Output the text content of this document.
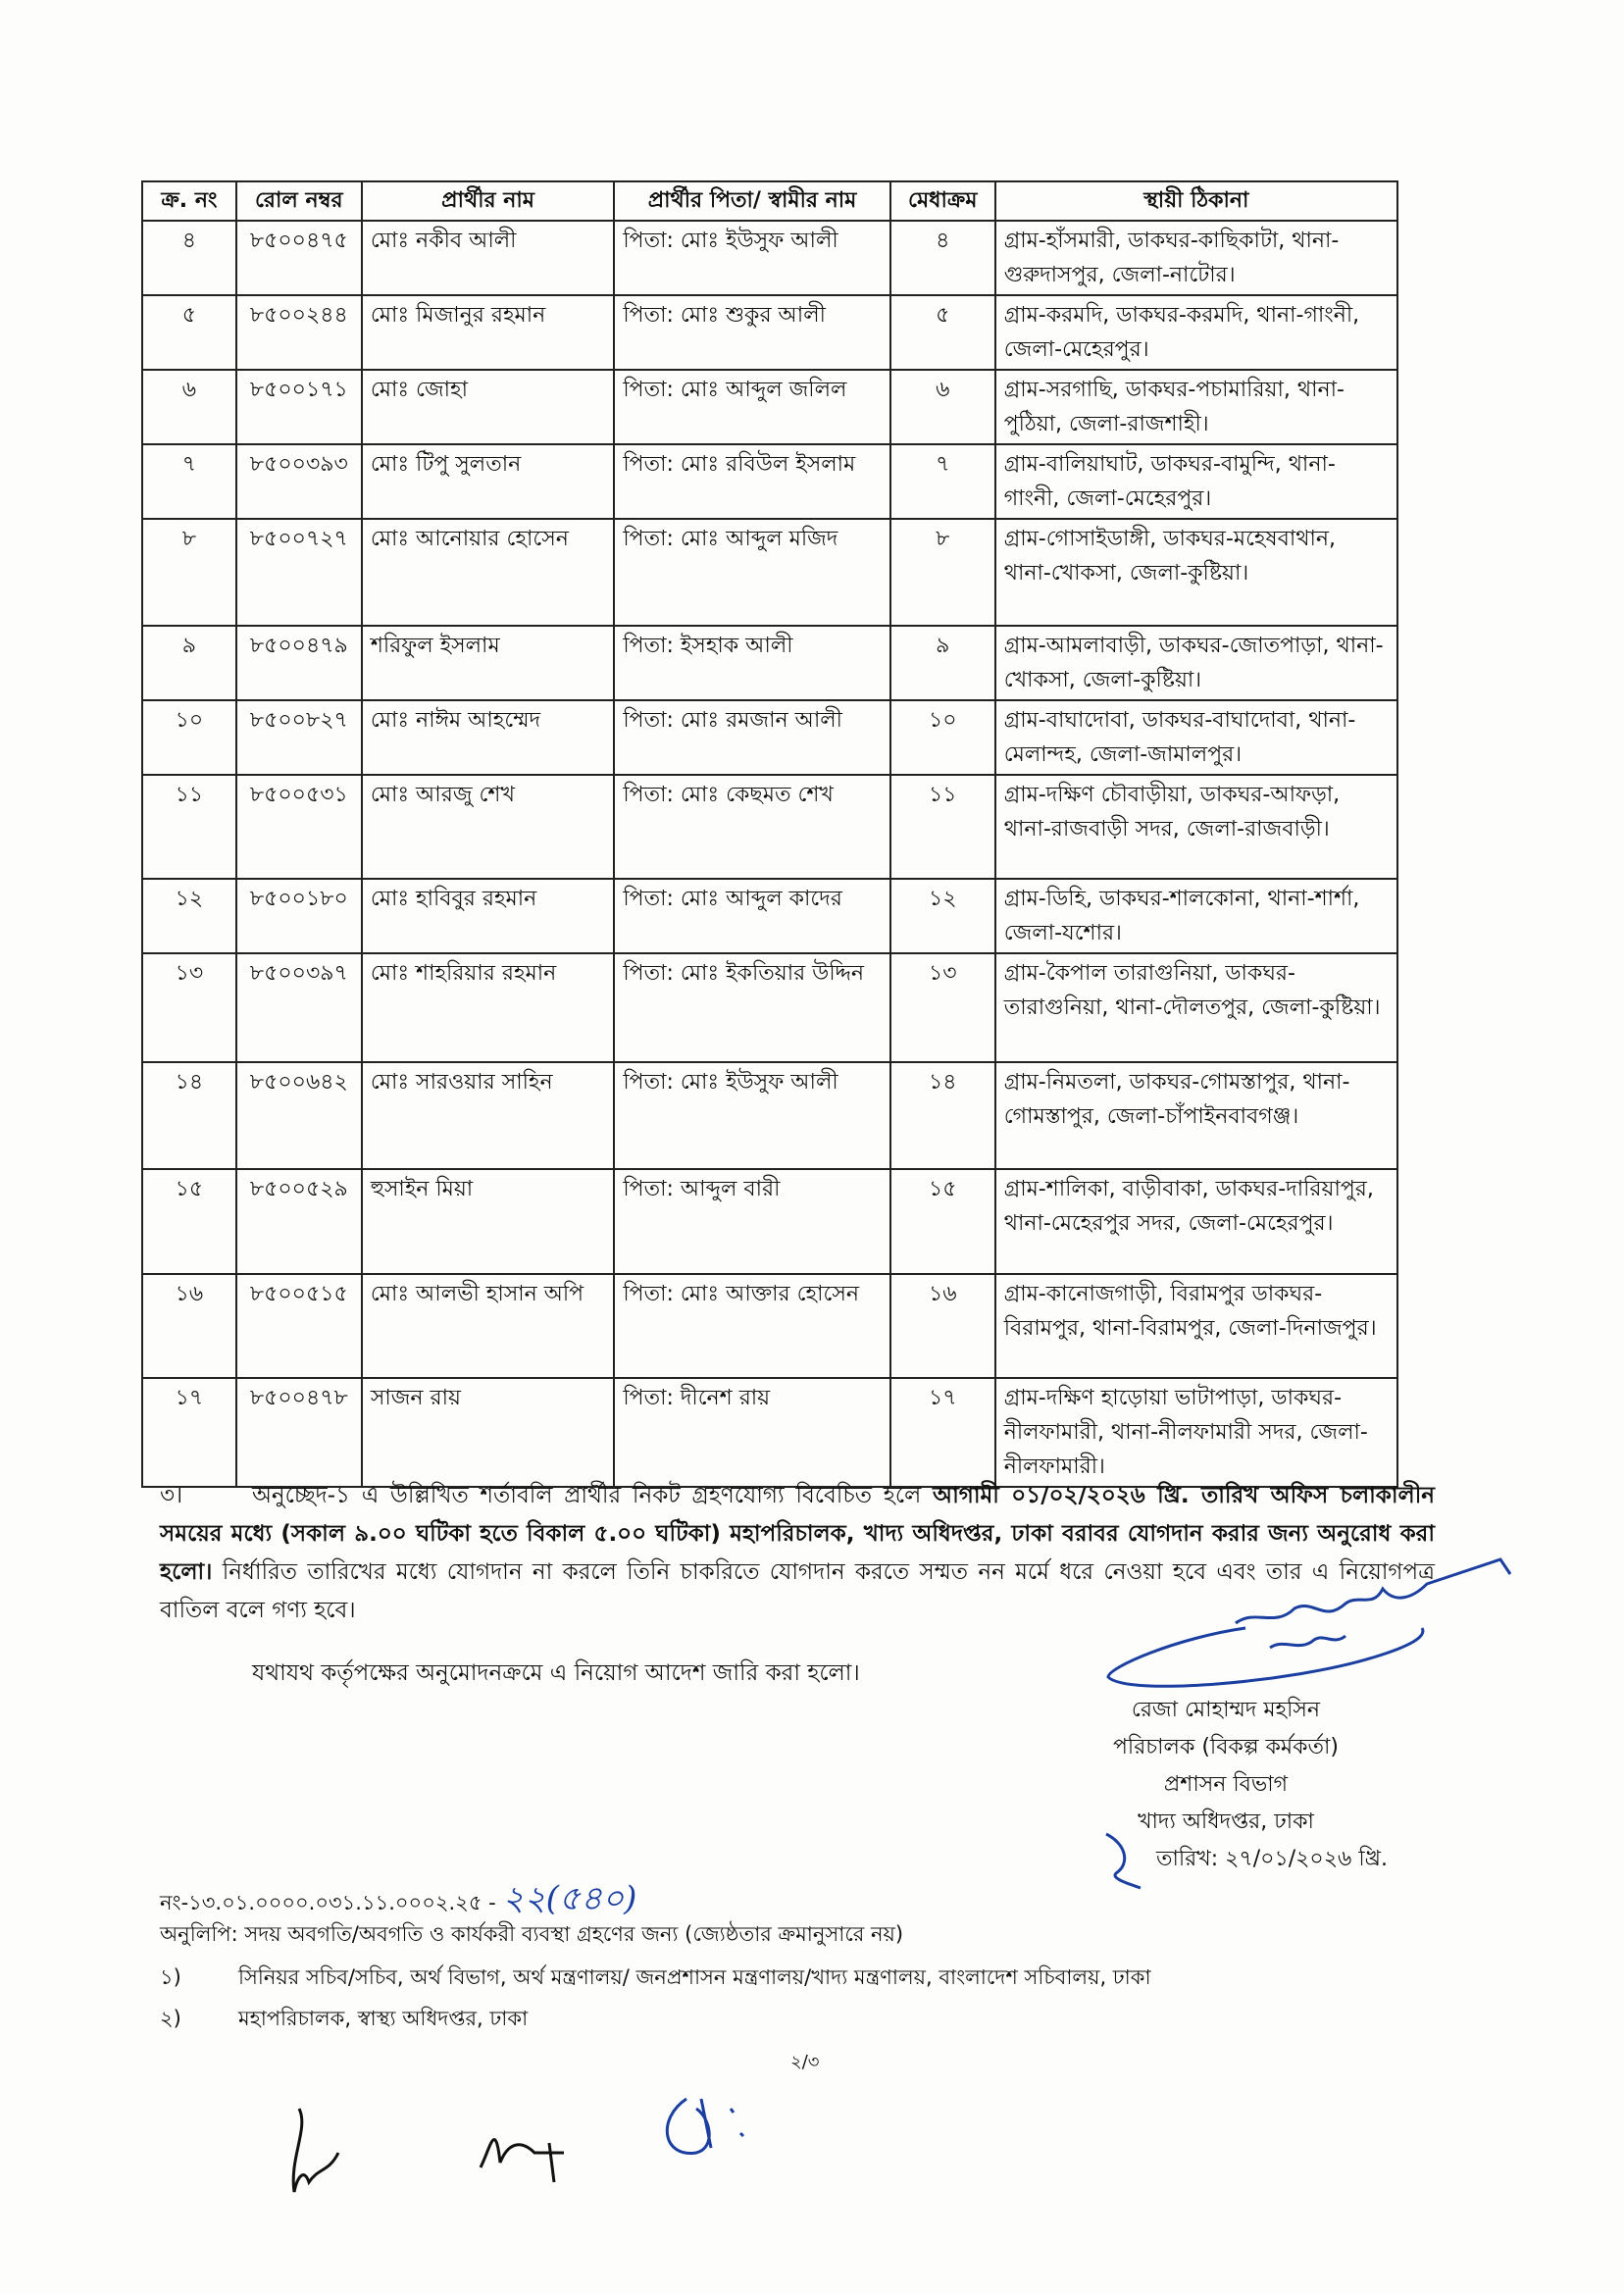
ক্র. নং	রোল নম্বর	প্রার্থীর নাম	প্রার্থীর পিতা/ স্বামীর নাম	মেধাক্রম	স্থায়ী ঠিকানা
৪	৮৫০০৪৭৫	মোঃ নকীব আলী	পিতা: মোঃ ইউসুফ আলী	৪	গ্রাম-হাঁসমারী, ডাকঘর-কাছিকাটা, থানা-গুরুদাসপুর, জেলা-নাটোর।
৫	৮৫০০২৪৪	মোঃ মিজানুর রহমান	পিতা: মোঃ শুকুর আলী	৫	গ্রাম-করমদি, ডাকঘর-করমদি, থানা-গাংনী, জেলা-মেহেরপুর।
৬	৮৫০০১৭১	মোঃ জোহা	পিতা: মোঃ আব্দুল জলিল	৬	গ্রাম-সরগাছি, ডাকঘর-পচামারিয়া, থানা-পুঠিয়া, জেলা-রাজশাহী।
৭	৮৫০০৩৯৩	মোঃ টিপু সুলতান	পিতা: মোঃ রবিউল ইসলাম	৭	গ্রাম-বালিয়াঘাট, ডাকঘর-বামুন্দি, থানা-গাংনী, জেলা-মেহেরপুর।
৮	৮৫০০৭২৭	মোঃ আনোয়ার হোসেন	পিতা: মোঃ আব্দুল মজিদ	৮	গ্রাম-গোসাইডাঙ্গী, ডাকঘর-মহেষবাথান, থানা-খোকসা, জেলা-কুষ্টিয়া।
৯	৮৫০০৪৭৯	শরিফুল ইসলাম	পিতা: ইসহাক আলী	৯	গ্রাম-আমলাবাড়ী, ডাকঘর-জোতপাড়া, থানা-খোকসা, জেলা-কুষ্টিয়া।
১০	৮৫০০৮২৭	মোঃ নাঈম আহম্মেদ	পিতা: মোঃ রমজান আলী	১০	গ্রাম-বাঘাদোবা, ডাকঘর-বাঘাদোবা, থানা-মেলান্দহ, জেলা-জামালপুর।
১১	৮৫০০৫৩১	মোঃ আরজু শেখ	পিতা: মোঃ কেছমত শেখ	১১	গ্রাম-দক্ষিণ চৌবাড়ীয়া, ডাকঘর-আফড়া, থানা-রাজবাড়ী সদর, জেলা-রাজবাড়ী।
১২	৮৫০০১৮০	মোঃ হাবিবুর রহমান	পিতা: মোঃ আব্দুল কাদের	১২	গ্রাম-ডিহি, ডাকঘর-শালকোনা, থানা-শার্শা, জেলা-যশোর।
১৩	৮৫০০৩৯৭	মোঃ শাহরিয়ার রহমান	পিতা: মোঃ ইকতিয়ার উদ্দিন	১৩	গ্রাম-কৈপাল তারাগুনিয়া, ডাকঘর-তারাগুনিয়া, থানা-দৌলতপুর, জেলা-কুষ্টিয়া।
১৪	৮৫০০৬৪২	মোঃ সারওয়ার সাহিন	পিতা: মোঃ ইউসুফ আলী	১৪	গ্রাম-নিমতলা, ডাকঘর-গোমস্তাপুর, থানা-গোমস্তাপুর, জেলা-চাঁপাইনবাবগঞ্জ।
১৫	৮৫০০৫২৯	হুসাইন মিয়া	পিতা: আব্দুল বারী	১৫	গ্রাম-শালিকা, বাড়ীবাকা, ডাকঘর-দারিয়াপুর, থানা-মেহেরপুর সদর, জেলা-মেহেরপুর।
১৬	৮৫০০৫১৫	মোঃ আলভী হাসান অপি	পিতা: মোঃ আক্তার হোসেন	১৬	গ্রাম-কানোজগাড়ী, বিরামপুর ডাকঘর-বিরামপুর, থানা-বিরামপুর, জেলা-দিনাজপুর।
১৭	৮৫০০৪৭৮	সাজন রায়	পিতা: দীনেশ রায়	১৭	গ্রাম-দক্ষিণ হাড়োয়া ভাটাপাড়া, ডাকঘর-নীলফামারী, থানা-নীলফামারী সদর, জেলা-নীলফামারী।
৩।	অনুচ্ছেদ-১ এ উল্লিখিত শর্তাবলি প্রার্থীর নিকট গ্রহণযোগ্য বিবেচিত হলে আগামী ০১/০২/২০২৬ খ্রি. তারিখ অফিস চলাকালীন সময়ের মধ্যে (সকাল ৯.০০ ঘটিকা হতে বিকাল ৫.০০ ঘটিকা) মহাপরিচালক, খাদ্য অধিদপ্তর, ঢাকা বরাবর যোগদান করার জন্য অনুরোধ করা হলো। নির্ধারিত তারিখের মধ্যে যোগদান না করলে তিনি চাকরিতে যোগদান করতে সম্মত নন মর্মে ধরে নেওয়া হবে এবং তার এ নিয়োগপত্র বাতিল বলে গণ্য হবে।
যথাযথ কর্তৃপক্ষের অনুমোদনক্রমে এ নিয়োগ আদেশ জারি করা হলো।
রেজা মোহাম্মদ মহসিন
পরিচালক (বিকল্প কর্মকর্তা)
প্রশাসন বিভাগ
খাদ্য অধিদপ্তর, ঢাকা
তারিখ: ২৭/০১/২০২৬ খ্রি.
নং-১৩.০১.০০০০.০৩১.১১.০০০২.২৫ - ২২(৫৪০)
অনুলিপি: সদয় অবগতি/অবগতি ও কার্যকরী ব্যবস্থা গ্রহণের জন্য (জ্যেষ্ঠতার ক্রমানুসারে নয়)
১)	সিনিয়র সচিব/সচিব, অর্থ বিভাগ, অর্থ মন্ত্রণালয়/ জনপ্রশাসন মন্ত্রণালয়/খাদ্য মন্ত্রণালয়, বাংলাদেশ সচিবালয়, ঢাকা
২)	মহাপরিচালক, স্বাস্থ্য অধিদপ্তর, ঢাকা
২/৩
